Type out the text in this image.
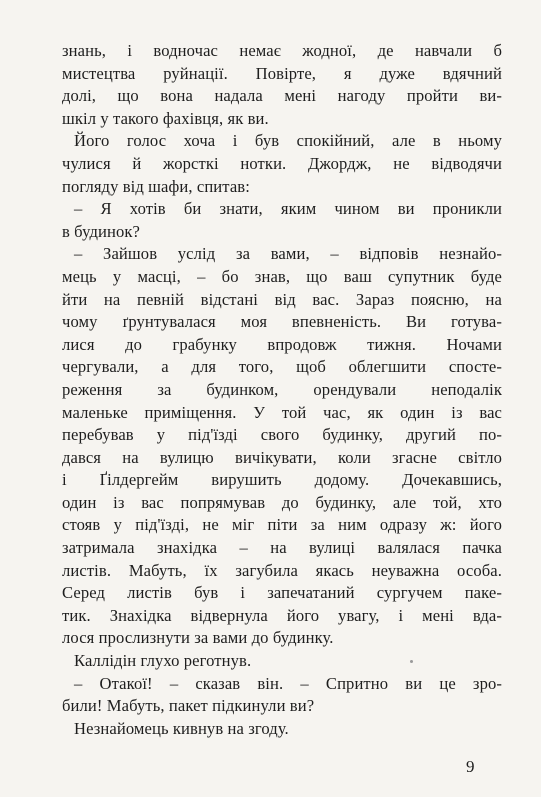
знань, і водночас немає жодної, де навчали б
мистецтва руйнації. Повірте, я дуже вдячний
долі, що вона надала мені нагоду пройти ви-
шкіл у такого фахівця, як ви.
Його голос хоча і був спокійний, але в ньому
чулися й жорсткі нотки. Джордж, не відводячи
погляду від шафи, спитав:
– Я хотів би знати, яким чином ви проникли
в будинок?
– Зайшов услід за вами, – відповів незнайо-
мець у масці, – бо знав, що ваш супутник буде
йти на певній відстані від вас. Зараз поясню, на
чому ґрунтувалася моя впевненість. Ви готува-
лися до грабунку впродовж тижня. Ночами
чергували, а для того, щоб облегшити спосте-
реження за будинком, орендували неподалік
маленьке приміщення. У той час, як один із вас
перебував у під'їзді свого будинку, другий по-
дався на вулицю вичікувати, коли згасне світло
і Ґілдергейм вирушить додому. Дочекавшись,
один із вас попрямував до будинку, але той, хто
стояв у під'їзді, не міг піти за ним одразу ж: його
затримала знахідка – на вулиці валялася пачка
листів. Мабуть, їх загубила якась неуважна особа.
Серед листів був і запечатаний сургучем паке-
тик. Знахідка відвернула його увагу, і мені вда-
лося прослизнути за вами до будинку.
Каллідін глухо реготнув.
– Отакої! – сказав він. – Спритно ви це зро-
били! Мабуть, пакет підкинули ви?
Незнайомець кивнув на згоду.
9
